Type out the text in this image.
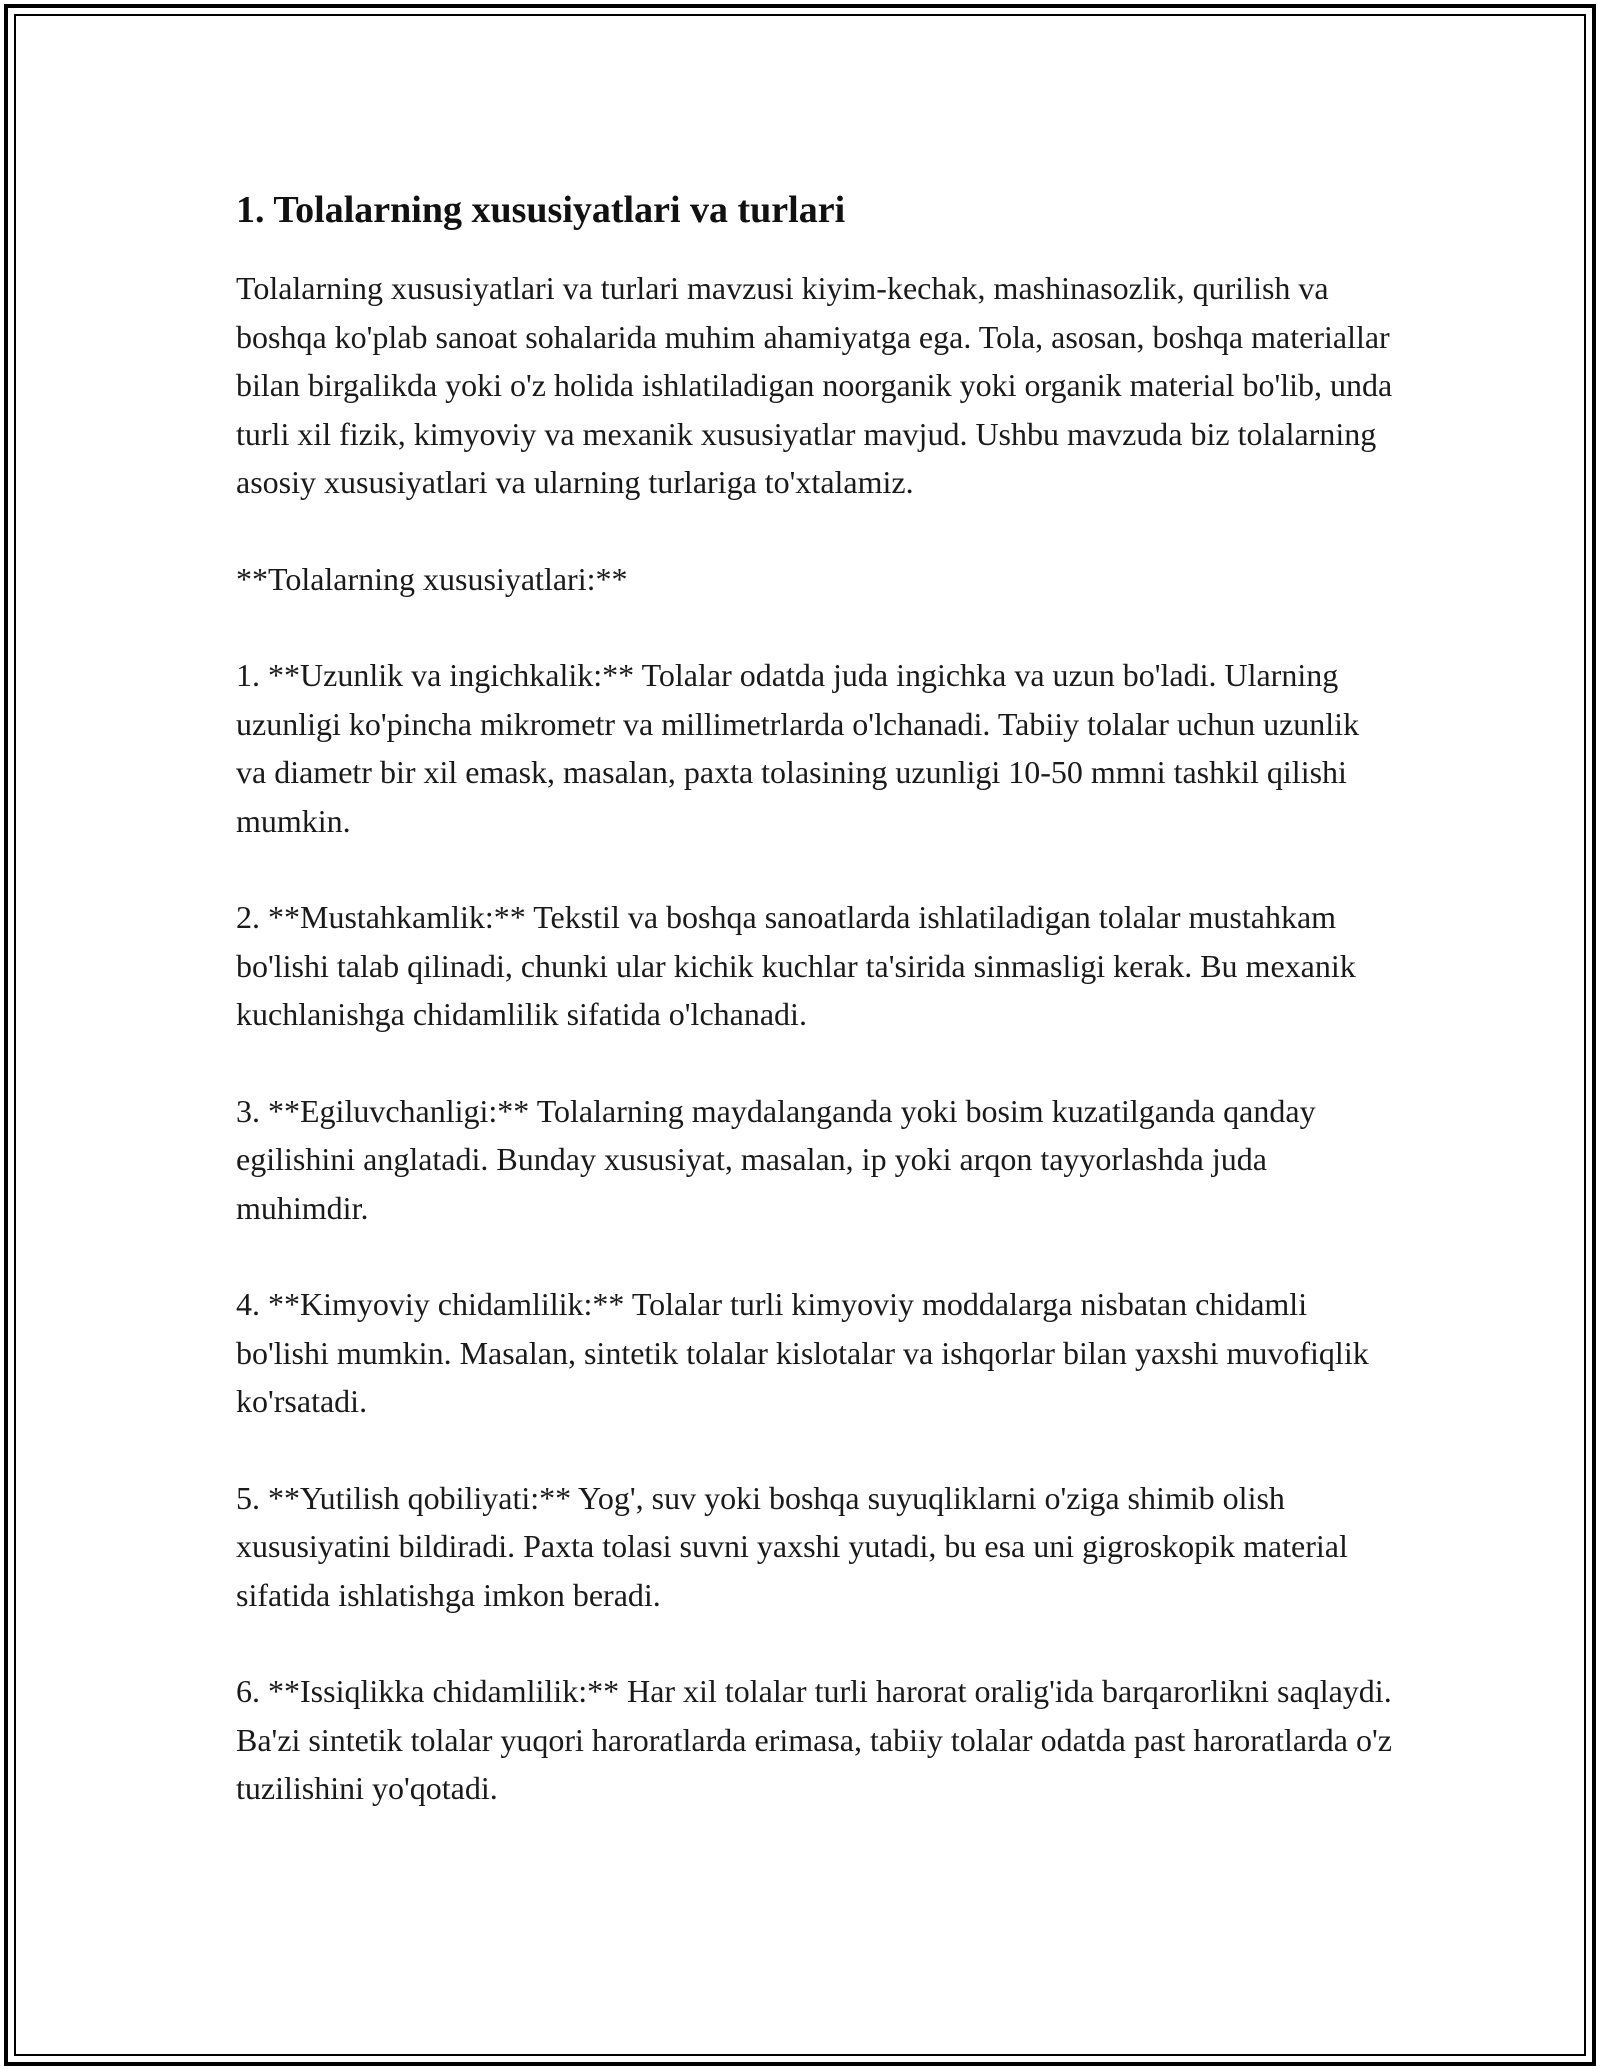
1. Tolalarning xususiyatlari va turlari

Tolalarning xususiyatlari va turlari mavzusi kiyim-kechak, mashinasozlik, qurilish va boshqa ko'plab sanoat sohalarida muhim ahamiyatga ega. Tola, asosan, boshqa materiallar bilan birgalikda yoki o'z holida ishlatiladigan noorganik yoki organik material bo'lib, unda turli xil fizik, kimyoviy va mexanik xususiyatlar mavjud. Ushbu mavzuda biz tolalarning asosiy xususiyatlari va ularning turlariga to'xtalamiz.

**Tolalarning xususiyatlari:**

1. **Uzunlik va ingichkalik:** Tolalar odatda juda ingichka va uzun bo'ladi. Ularning uzunligi ko'pincha mikrometr va millimetrlarda o'lchanadi. Tabiiy tolalar uchun uzunlik va diametr bir xil emask, masalan, paxta tolasining uzunligi 10-50 mmni tashkil qilishi mumkin.

2. **Mustahkamlik:** Tekstil va boshqa sanoatlarda ishlatiladigan tolalar mustahkam bo'lishi talab qilinadi, chunki ular kichik kuchlar ta'sirida sinmasligi kerak. Bu mexanik kuchlanishga chidamlilik sifatida o'lchanadi.

3. **Egiluvchanligi:** Tolalarning maydalanganda yoki bosim kuzatilganda qanday egilishini anglatadi. Bunday xususiyat, masalan, ip yoki arqon tayyorlashda juda muhimdir.

4. **Kimyoviy chidamlilik:** Tolalar turli kimyoviy moddalarga nisbatan chidamli bo'lishi mumkin. Masalan, sintetik tolalar kislotalar va ishqorlar bilan yaxshi muvofiqlik ko'rsatadi.

5. **Yutilish qobiliyati:** Yog', suv yoki boshqa suyuqliklarni o'ziga shimib olish xususiyatini bildiradi. Paxta tolasi suvni yaxshi yutadi, bu esa uni gigroskopik material sifatida ishlatishga imkon beradi.

6. **Issiqlikka chidamlilik:** Har xil tolalar turli harorat oralig'ida barqarorlikni saqlaydi. Ba'zi sintetik tolalar yuqori haroratlarda erimasa, tabiiy tolalar odatda past haroratlarda o'z tuzilishini yo'qotadi.
